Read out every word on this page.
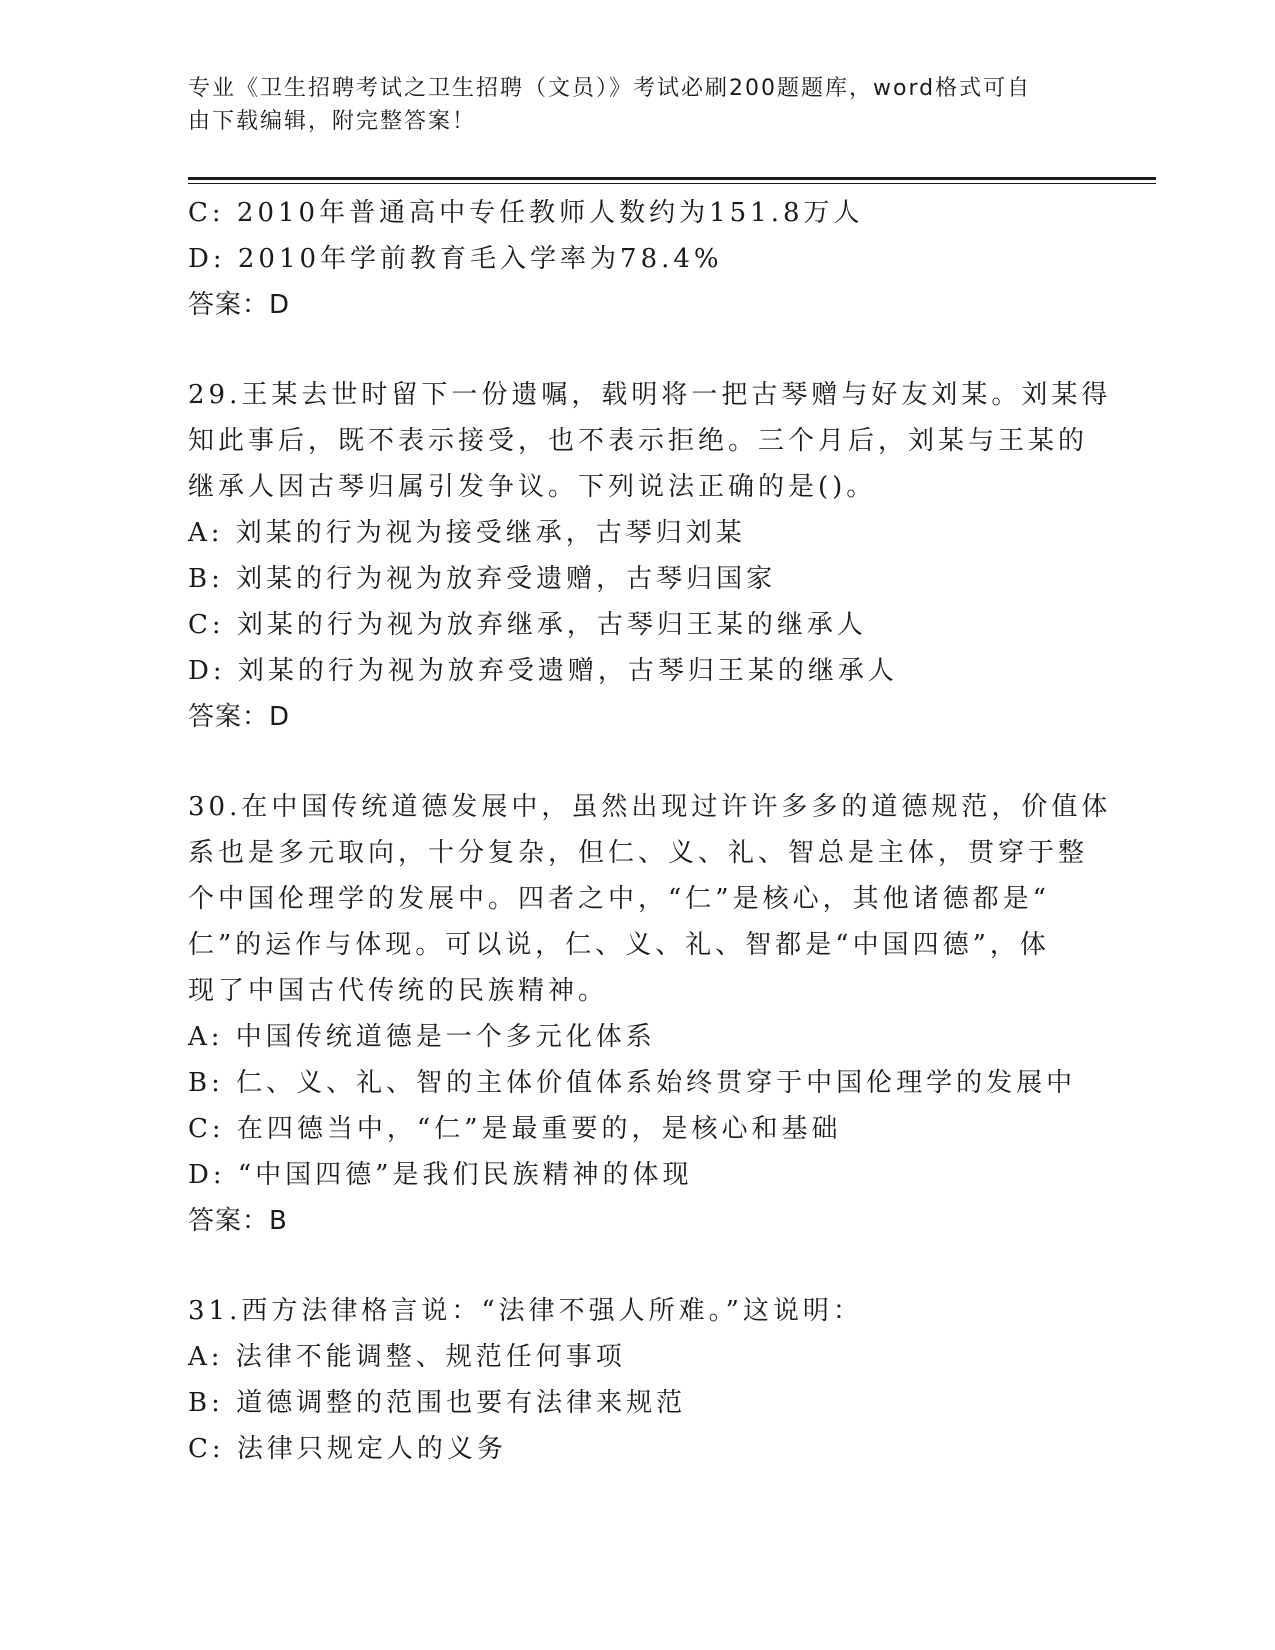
专业《卫生招聘考试之卫生招聘（文员）》考试必刷200题题库，word格式可自
由下载编辑，附完整答案！
C: 2010年普通高中专任教师人数约为151.8万人
D: 2010年学前教育毛入学率为78.4%
答案：D
29.王某去世时留下一份遗嘱，载明将一把古琴赠与好友刘某。刘某得
知此事后，既不表示接受，也不表示拒绝。三个月后，刘某与王某的
继承人因古琴归属引发争议。下列说法正确的是()。
A: 刘某的行为视为接受继承，古琴归刘某
B: 刘某的行为视为放弃受遗赠，古琴归国家
C: 刘某的行为视为放弃继承，古琴归王某的继承人
D: 刘某的行为视为放弃受遗赠，古琴归王某的继承人
答案：D
30.在中国传统道德发展中，虽然出现过许许多多的道德规范，价值体
系也是多元取向，十分复杂，但仁、义、礼、智总是主体，贯穿于整
个中国伦理学的发展中。四者之中，“仁”是核心，其他诸德都是“
仁”的运作与体现。可以说，仁、义、礼、智都是“中国四德”，体
现了中国古代传统的民族精神。
A: 中国传统道德是一个多元化体系
B: 仁、义、礼、智的主体价值体系始终贯穿于中国伦理学的发展中
C: 在四德当中，“仁”是最重要的，是核心和基础
D: “中国四德”是我们民族精神的体现
答案：B
31.西方法律格言说：“法律不强人所难。”这说明：
A: 法律不能调整、规范任何事项
B: 道德调整的范围也要有法律来规范
C: 法律只规定人的义务
